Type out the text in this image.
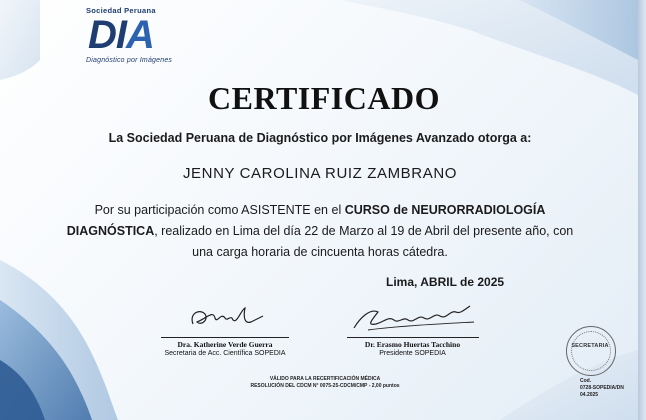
Sociedad Peruana
DIA
Diagnóstico por Imágenes
CERTIFICADO
La Sociedad Peruana de Diagnóstico por Imágenes Avanzado otorga a:
JENNY CAROLINA RUIZ ZAMBRANO
Por su participación como ASISTENTE en el CURSO de NEURORRADIOLOGÍA DIAGNÓSTICA, realizado en Lima del día 22 de Marzo al 19 de Abril del presente año, con una carga horaria de cincuenta horas cátedra.
Lima, ABRIL de 2025
Dra. Katherine Verde Guerra
Secretaria de Acc. Científica SOPEDIA
Dr. Erasmo Huertas Tacchino
Presidente SOPEDIA
SECRETARIA
VÁLIDO PARA LA RECERTIFICACIÓN MÉDICA
RESOLUCIÓN DEL CDCM N° 0075-25-CDCM/CMP - 2,00 puntos
Cod.
0728-SOPEDIA/DN
04.2025
